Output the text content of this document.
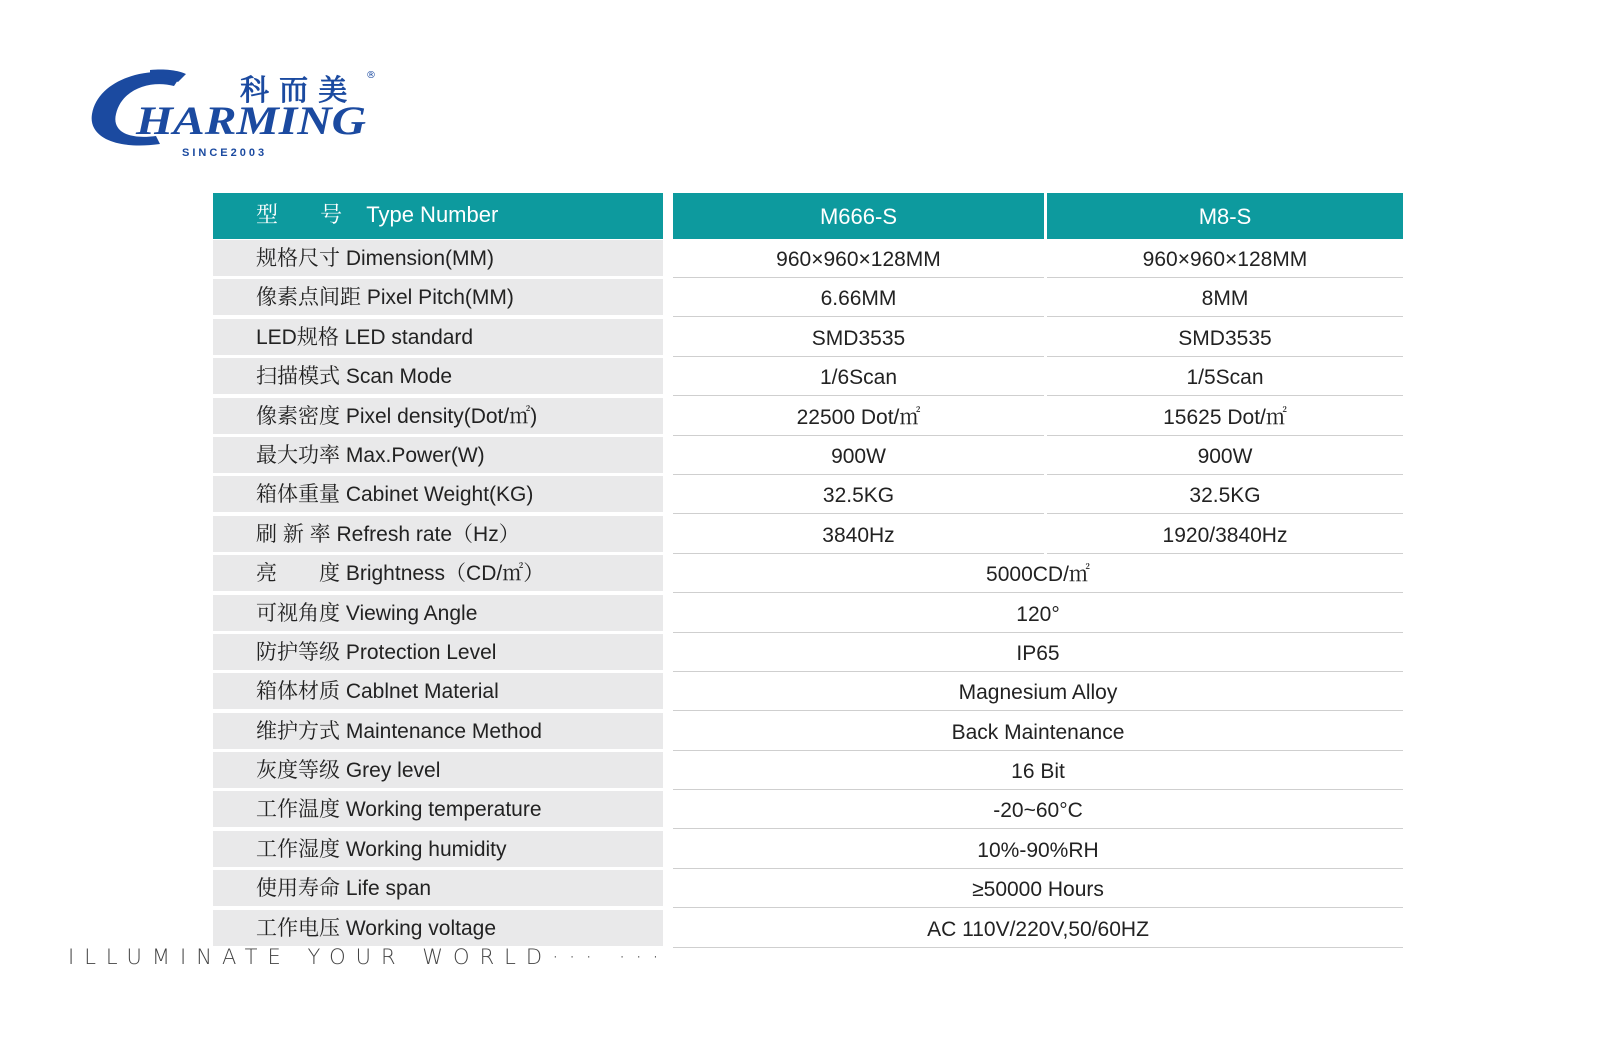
科 而 美 ®
HARMING
SINCE2003
型 号 Type Number	M666-S	M8-S
规格尺寸 Dimension(MM)	960×960×128MM	960×960×128MM
像素点间距 Pixel Pitch(MM)	6.66MM	8MM
LED规格 LED standard	SMD3535	SMD3535
扫描模式 Scan Mode	1/6Scan	1/5Scan
像素密度 Pixel density(Dot/㎡)	22500 Dot/㎡	15625 Dot/㎡
最大功率 Max.Power(W)	900W	900W
箱体重量 Cabinet Weight(KG)	32.5KG	32.5KG
刷 新 率 Refresh rate（Hz）	3840Hz	1920/3840Hz
亮　　度 Brightness（CD/㎡）	5000CD/㎡
可视角度 Viewing Angle	120°
防护等级 Protection Level	IP65
箱体材质 Cablnet Material	Magnesium Alloy
维护方式 Maintenance Method	Back Maintenance
灰度等级 Grey level	16 Bit
工作温度 Working temperature	-20~60°C
工作湿度 Working humidity	10%-90%RH
使用寿命 Life span	≥50000 Hours
工作电压 Working voltage	AC 110V/220V,50/60HZ
ILLUMINATE YOUR WORLD··· ···
